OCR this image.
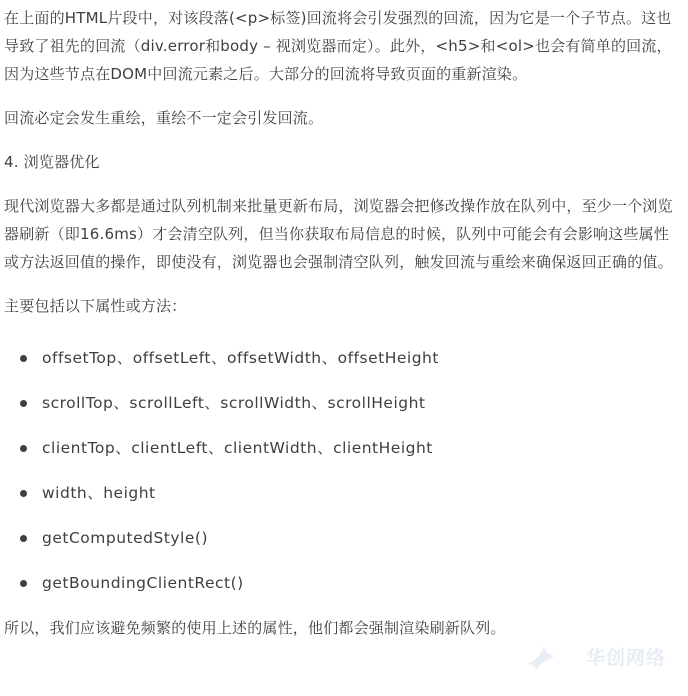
在上面的HTML片段中，对该段落(<p>标签)回流将会引发强烈的回流，因为它是一个子节点。这也导致了祖先的回流（div.error和body – 视浏览器而定）。此外，<h5>和<ol>也会有简单的回流，因为这些节点在DOM中回流元素之后。大部分的回流将导致页面的重新渲染。

回流必定会发生重绘，重绘不一定会引发回流。

4. 浏览器优化

现代浏览器大多都是通过队列机制来批量更新布局，浏览器会把修改操作放在队列中，至少一个浏览器刷新（即16.6ms）才会清空队列，但当你获取布局信息的时候，队列中可能会有会影响这些属性或方法返回值的操作，即使没有，浏览器也会强制清空队列，触发回流与重绘来确保返回正确的值。

主要包括以下属性或方法：

offsetTop、offsetLeft、offsetWidth、offsetHeight
scrollTop、scrollLeft、scrollWidth、scrollHeight
clientTop、clientLeft、clientWidth、clientHeight
width、height
getComputedStyle()
getBoundingClientRect()

所以，我们应该避免频繁的使用上述的属性，他们都会强制渲染刷新队列。

华创网络
